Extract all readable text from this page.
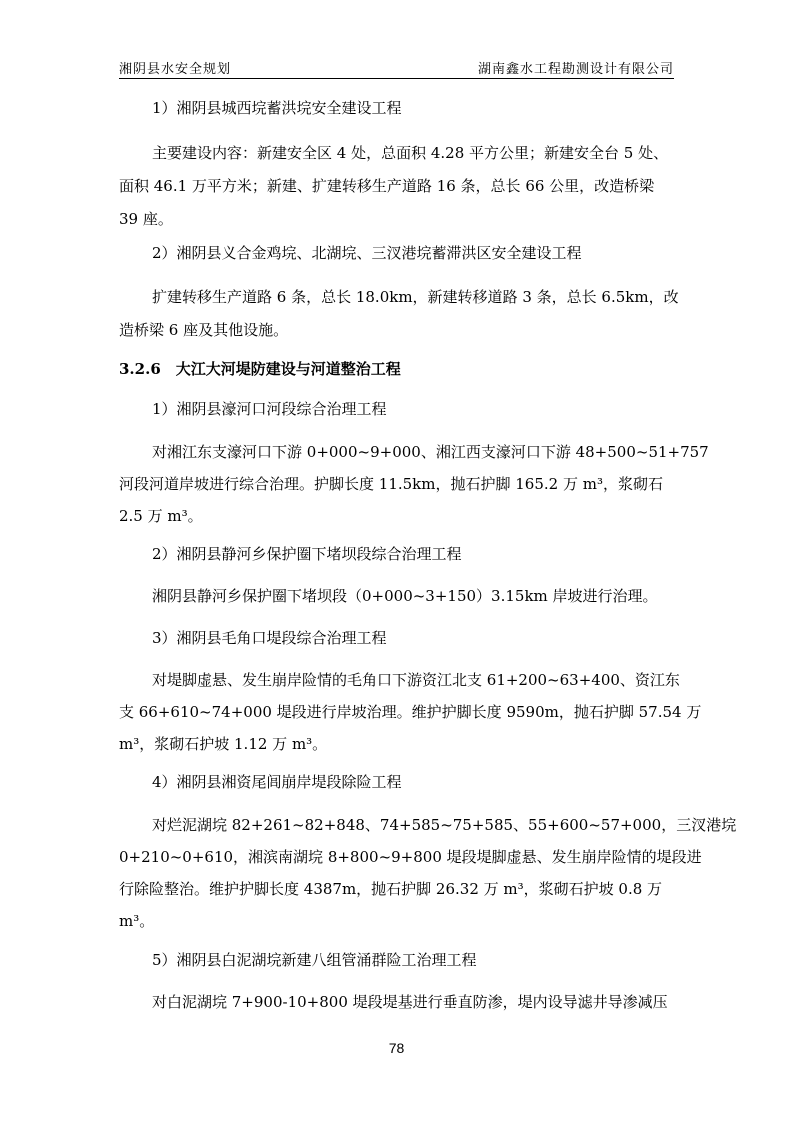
湘阴县水安全规划	湖南鑫水工程勘测设计有限公司
1）湘阴县城西垸蓄洪垸安全建设工程
主要建设内容：新建安全区 4 处，总面积 4.28 平方公里；新建安全台 5 处、
面积 46.1 万平方米；新建、扩建转移生产道路 16 条，总长 66 公里，改造桥梁
39 座。
2）湘阴县义合金鸡垸、北湖垸、三汊港垸蓄滞洪区安全建设工程
扩建转移生产道路 6 条，总长 18.0km，新建转移道路 3 条，总长 6.5km，改
造桥梁 6 座及其他设施。
3.2.6　大江大河堤防建设与河道整治工程
1）湘阴县濠河口河段综合治理工程
对湘江东支濠河口下游 0+000~9+000、湘江西支濠河口下游 48+500~51+757
河段河道岸坡进行综合治理。护脚长度 11.5km，抛石护脚 165.2 万 m³，浆砌石
2.5 万 m³。
2）湘阴县静河乡保护圈下堵坝段综合治理工程
湘阴县静河乡保护圈下堵坝段（0+000~3+150）3.15km 岸坡进行治理。
3）湘阴县毛角口堤段综合治理工程
对堤脚虚悬、发生崩岸险情的毛角口下游资江北支 61+200~63+400、资江东
支 66+610~74+000 堤段进行岸坡治理。维护护脚长度 9590m，抛石护脚 57.54 万
m³，浆砌石护坡 1.12 万 m³。
4）湘阴县湘资尾闾崩岸堤段除险工程
对烂泥湖垸 82+261~82+848、74+585~75+585、55+600~57+000，三汊港垸
0+210~0+610，湘滨南湖垸 8+800~9+800 堤段堤脚虚悬、发生崩岸险情的堤段进
行除险整治。维护护脚长度 4387m，抛石护脚 26.32 万 m³，浆砌石护坡 0.8 万
m³。
5）湘阴县白泥湖垸新建八组管涌群险工治理工程
对白泥湖垸 7+900-10+800 堤段堤基进行垂直防渗，堤内设导滤井导渗减压
78
